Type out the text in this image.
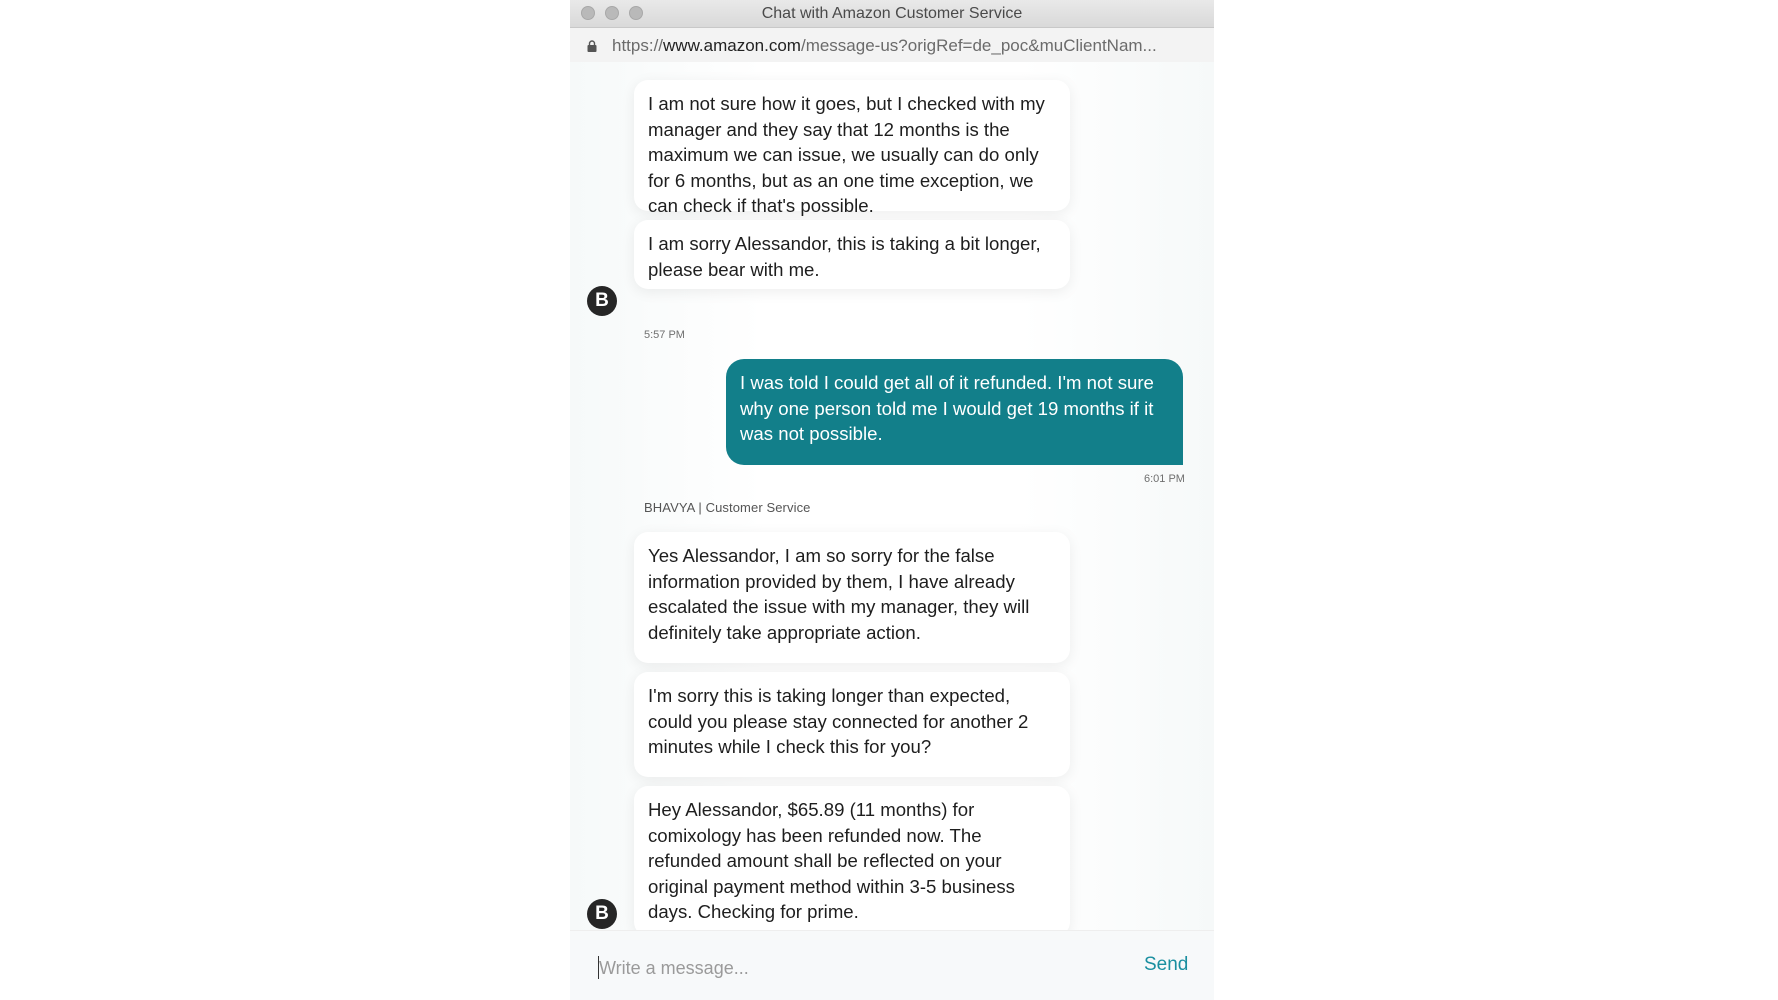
Chat with Amazon Customer Service
https://www.amazon.com/message-us?origRef=de_poc&muClientNam...
I am not sure how it goes, but I checked with my manager and they say that 12 months is the maximum we can issue, we usually can do only for 6 months, but as an one time exception, we can check if that's possible.
I am sorry Alessandor, this is taking a bit longer, please bear with me.
B
5:57 PM
I was told I could get all of it refunded. I'm not sure why one person told me I would get 19 months if it was not possible.
6:01 PM
BHAVYA | Customer Service
Yes Alessandor, I am so sorry for the false information provided by them, I have already escalated the issue with my manager, they will definitely take appropriate action.
I'm sorry this is taking longer than expected, could you please stay connected for another 2 minutes while I check this for you?
Hey Alessandor, $65.89 (11 months) for comixology has been refunded now. The refunded amount shall be reflected on your original payment method within 3-5 business days. Checking for prime.
B
Write a message...
Send
